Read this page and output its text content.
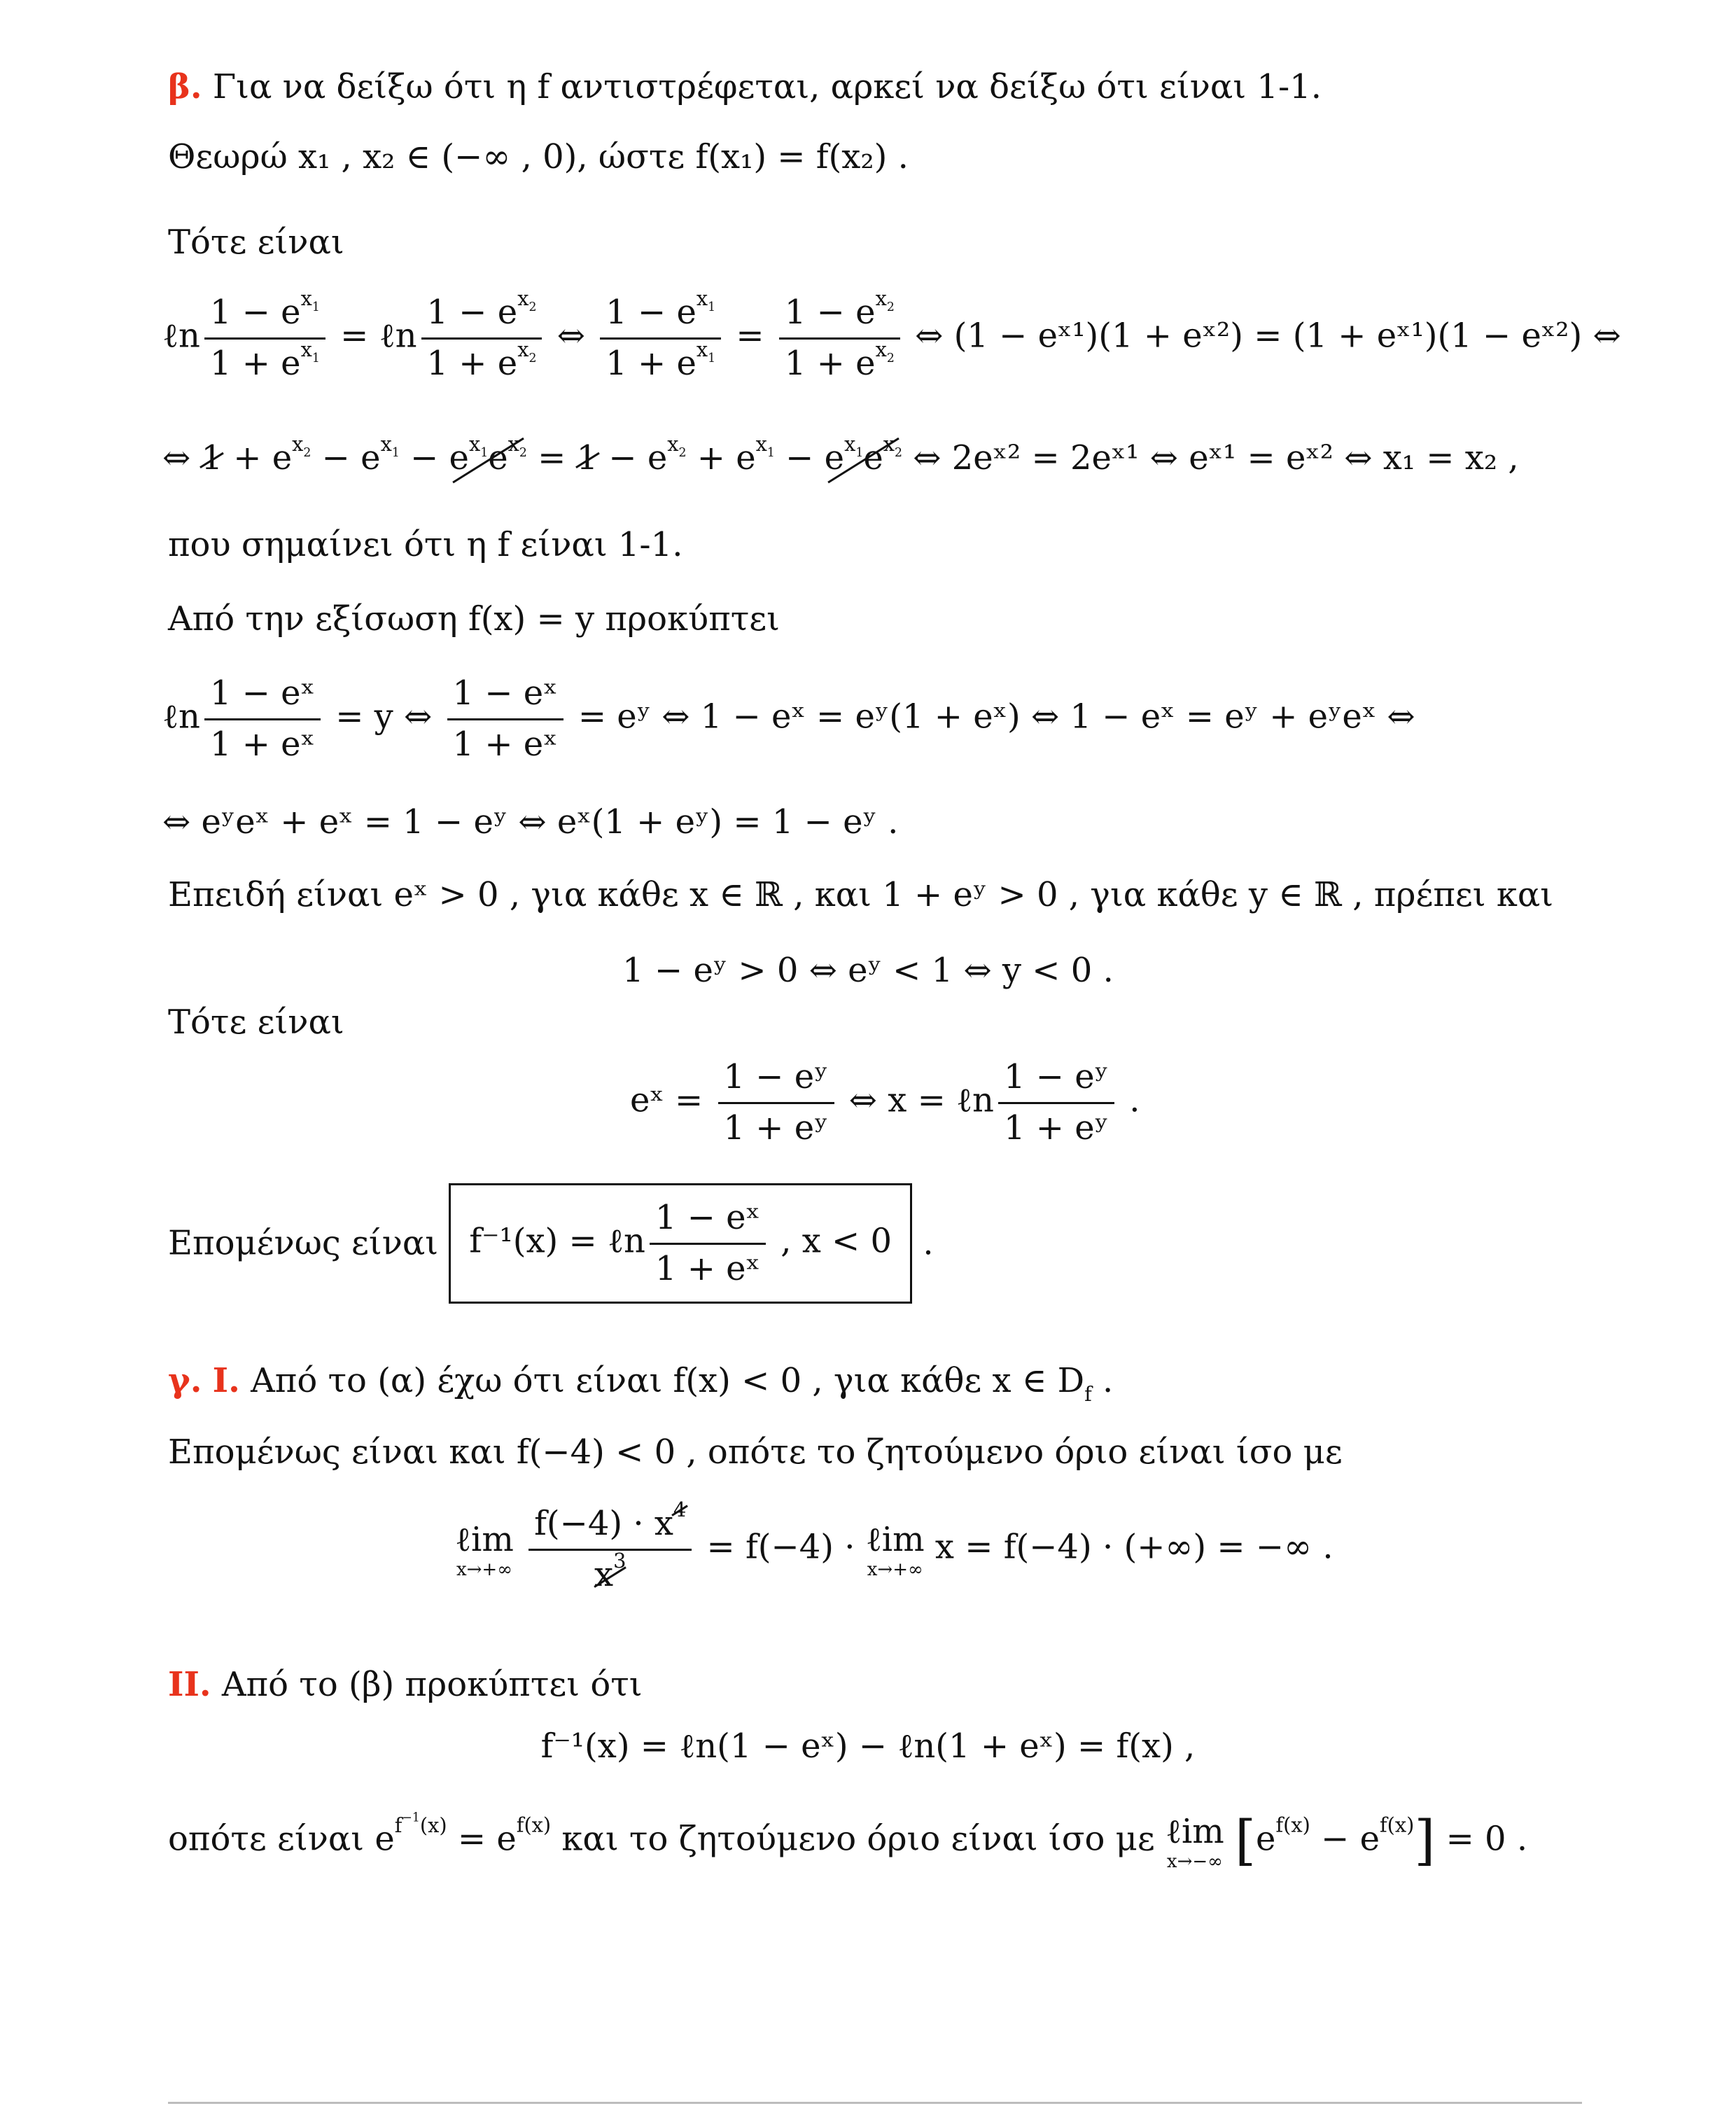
β. Για να δείξω ότι η f αντιστρέφεται, αρκεί να δείξω ότι είναι 1-1.
Θεωρώ x₁ , x₂ ∈ (−∞ , 0), ώστε f(x₁) = f(x₂) .
Τότε είναι
ℓn $\frac{1 - e^{x_1}}{1 + e^{x_1}}$ = ℓn $\frac{1 - e^{x_2}}{1 + e^{x_2}}$ ⇔ $\frac{1 - e^{x_1}}{1 + e^{x_1}} = \frac{1 - e^{x_2}}{1 + e^{x_2}}$ ⇔ (1 − eˣ¹)(1 + eˣ²) = (1 + eˣ¹)(1 − eˣ²) ⇔
⇔ $1 + e^{x_2} - e^{x_1} - e^{x_1}e^{x_2} = 1 - e^{x_2} + e^{x_1} - e^{x_1}e^{x_2}$ ⇔ 2eˣ² = 2eˣ¹ ⇔ eˣ¹ = eˣ² ⇔ x₁ = x₂ ,
που σημαίνει ότι η f είναι 1-1.
Από την εξίσωση f(x) = y προκύπτει
ℓn $\frac{\text{1 − eˣ}}{\text{1 + eˣ}} = y$ ⇔ $\frac{\text{1 − eˣ}}{\text{1 + eˣ}}$ = eʸ ⇔ 1 − eˣ = eʸ(1 + eˣ) ⇔ 1 − eˣ = eʸ + eʸeˣ ⇔
⇔ eʸeˣ + eˣ = 1 − eʸ ⇔ eˣ(1 + eʸ) = 1 − eʸ .
Επειδή είναι eˣ > 0 , για κάθε x ∈ ℝ , και 1 + eʸ > 0 , για κάθε y ∈ ℝ , πρέπει και
1 − eʸ > 0 ⇔ eʸ < 1 ⇔ y < 0 .
Τότε είναι
eˣ = $\frac{\text{1 − eʸ}}{\text{1 + eʸ}}$ ⇔ x = ℓn $\frac{\text{1 − eʸ}}{\text{1 + eʸ}}$ .
Επομένως είναι f⁻¹(x) = ℓn $\frac{\text{1 − eˣ}}{\text{1 + eˣ}}$ , x < 0 .
γ. I. Από το (α) έχω ότι είναι f(x) < 0 , για κάθε x ∈ $D_f$ .
Επομένως είναι και f(−4) < 0 , οπότε το ζητούμενο όριο είναι ίσο με
ℓim
x→+∞
$\frac{f(-4) \cdot x^4}{x^3} = f(-4)$ · ℓim
x→+∞
x = f(−4) · (+∞) = −∞ .
II. Από το (β) προκύπτει ότι
f⁻¹(x) = ℓn(1 − eˣ) − ℓn(1 + eˣ) = f(x) ,
οπότε είναι $e^{f^{-1}(x)} = e^{f(x)}$ και το ζητούμενο όριο είναι ίσο με ℓim
x→−∞ $[e^{f(x)} - e^{f(x)}] = 0$ .
